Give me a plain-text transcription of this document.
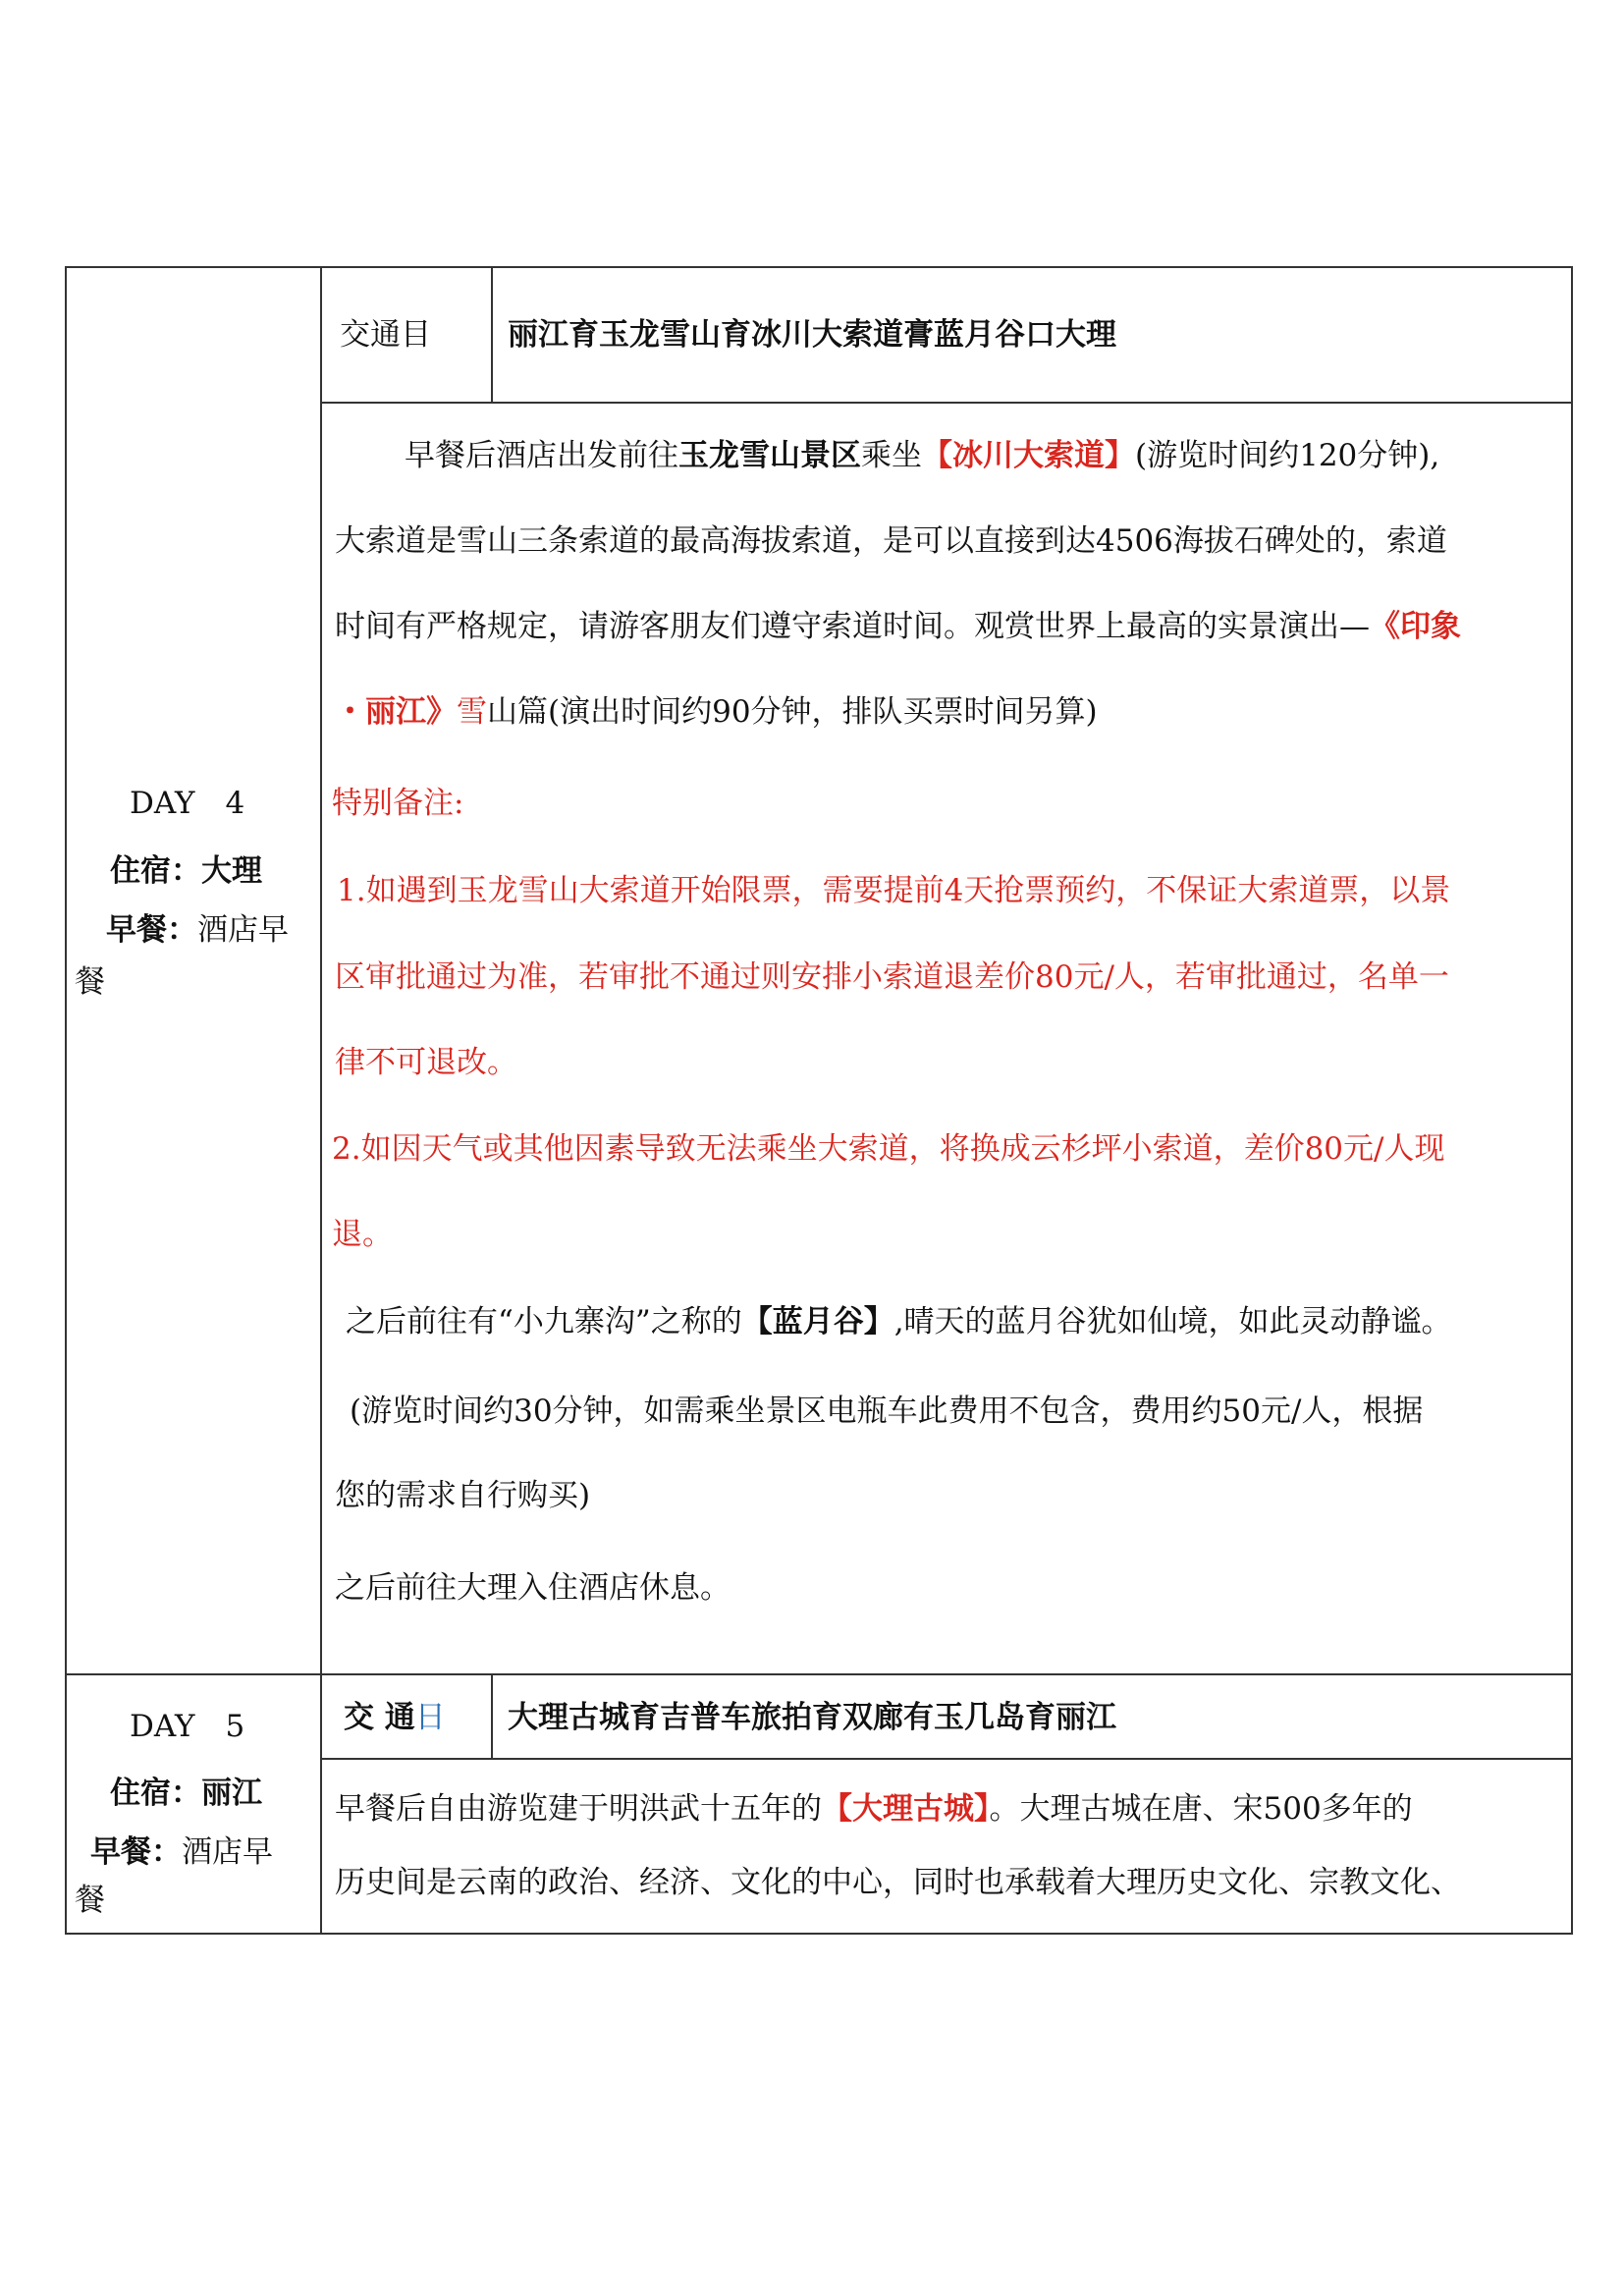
DAY　4
住宿：大理
早餐：酒店早
餐
交通目	丽江育玉龙雪山育冰川大索道膏蓝月谷口大理
早餐后酒店出发前往玉龙雪山景区乘坐【冰川大索道】(游览时间约120分钟),
大索道是雪山三条索道的最高海拔索道，是可以直接到达4506海拔石碑处的，索道
时间有严格规定，请游客朋友们遵守索道时间。观赏世界上最高的实景演出—《印象
・丽江》雪山篇(演出时间约90分钟，排队买票时间另算)
特别备注:
1.如遇到玉龙雪山大索道开始限票，需要提前4天抢票预约，不保证大索道票，以景
区审批通过为准，若审批不通过则安排小索道退差价80元/人，若审批通过，名单一
律不可退改。
2.如因天气或其他因素导致无法乘坐大索道，将换成云杉坪小索道，差价80元/人现
退。
之后前往有“小九寨沟”之称的【蓝月谷】,晴天的蓝月谷犹如仙境，如此灵动静谧。
(游览时间约30分钟，如需乘坐景区电瓶车此费用不包含，费用约50元/人，根据
您的需求自行购买)
之后前往大理入住酒店休息。
DAY　5
住宿：丽江
早餐：酒店早
餐
交 通日 大理古城育吉普车旅拍育双廊有玉几岛育丽江
早餐后自由游览建于明洪武十五年的【大理古城】。大理古城在唐、宋500多年的
历史间是云南的政治、经济、文化的中心，同时也承载着大理历史文化、宗教文化、
